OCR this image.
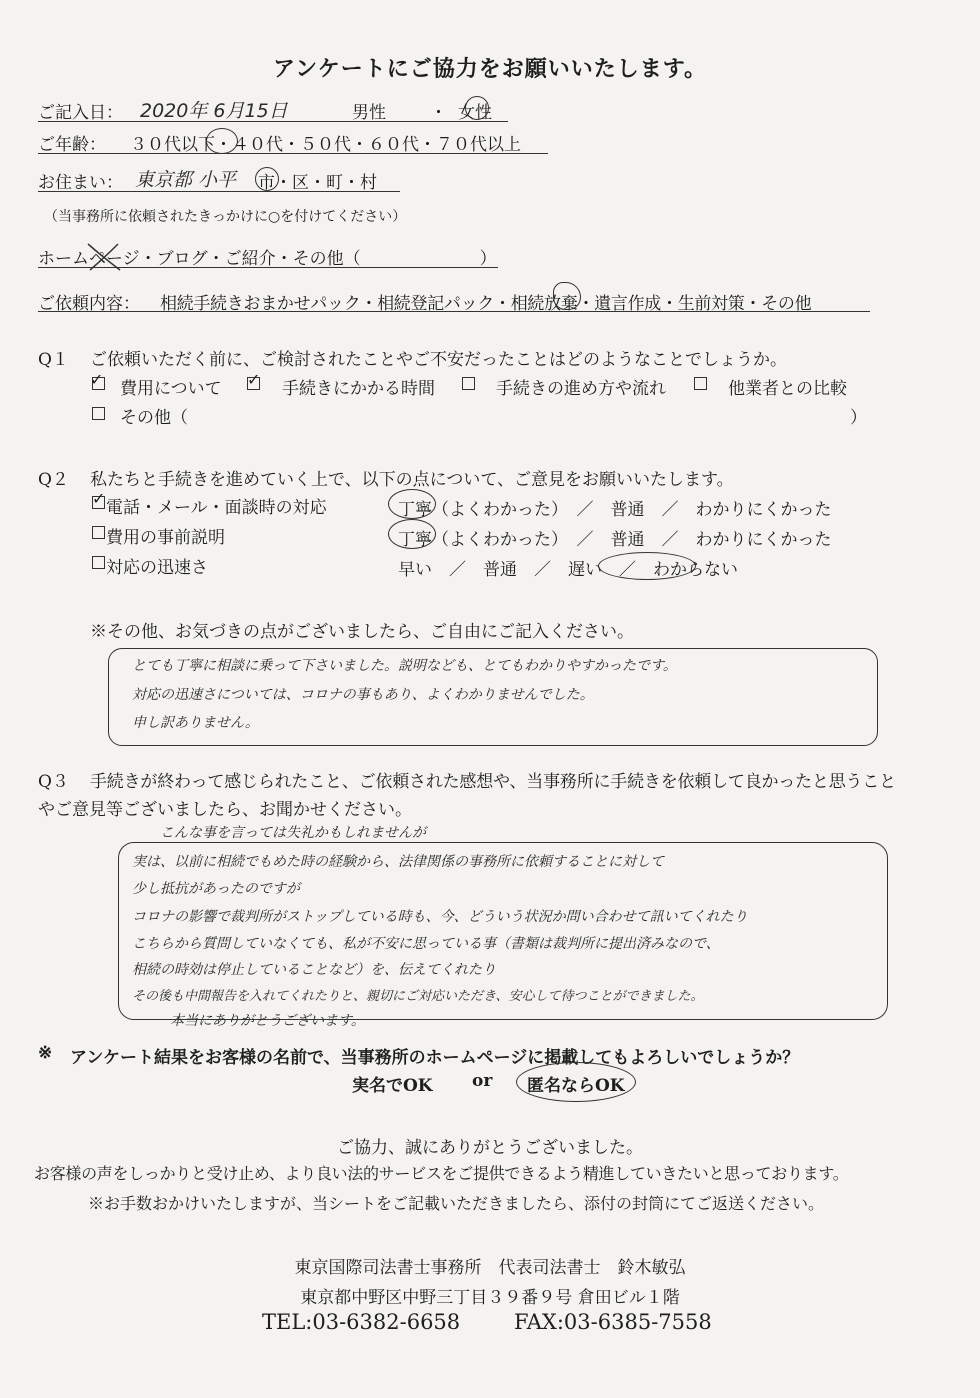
アンケートにご協力をお願いいたします。
ご記入日： 2020年 6月15日	男性	・ 女性
ご年齢： ３０代以下・４０代・５０代・６０代・７０代以上
お住まい： 東京都 小平 市・区・町・村
（当事務所に依頼されたきっかけに○を付けてください）
ホームページ・ブログ・ご紹介・その他（　　　　　　　）
ご依頼内容： 相続手続きおまかせパック・相続登記パック・相続放棄・遺言作成・生前対策・その他
Q１ ご依頼いただく前に、ご検討されたことやご不安だったことはどのようなことでしょうか。
✓ 費用について ✓ 手続きにかかる時間	手続きの進め方や流れ	他業者との比較
その他（	）
Q２ 私たちと手続きを進めていく上で、以下の点について、ご意見をお願いいたします。
✓ 電話・メール・面談時の対応	丁寧（よくわかった）　／　普通　／　わかりにくかった
費用の事前説明	丁寧（よくわかった）　／　普通　／　わかりにくかった
対応の迅速さ	早い　／　普通　／　遅い　／　わからない
※その他、お気づきの点がございましたら、ご自由にご記入ください。
とても丁寧に相談に乗って下さいました。説明なども、とてもわかりやすかったです。
対応の迅速さについては、コロナの事もあり、よくわかりませんでした。
申し訳ありません。
Q３ 手続きが終わって感じられたこと、ご依頼された感想や、当事務所に手続きを依頼して良かったと思うこと
やご意見等ございましたら、お聞かせください。
こんな事を言っては失礼かもしれませんが
実は、以前に相続でもめた時の経験から、法律関係の事務所に依頼することに対して
少し抵抗があったのですが
コロナの影響で裁判所がストップしている時も、今、どういう状況か問い合わせて訊いてくれたり
こちらから質問していなくても、私が不安に思っている事（書類は裁判所に提出済みなので、
相続の時効は停止していることなど）を、伝えてくれたり
その後も中間報告を入れてくれたりと、親切にご対応いただき、安心して待つことができました。
本当にありがとうございます。
※ アンケート結果をお客様の名前で、当事務所のホームページに掲載してもよろしいでしょうか？
実名でOK or 匿名ならOK
ご協力、誠にありがとうございました。
お客様の声をしっかりと受け止め、より良い法的サービスをご提供できるよう精進していきたいと思っております。
※お手数おかけいたしますが、当シートをご記載いただきましたら、添付の封筒にてご返送ください。
東京国際司法書士事務所　代表司法書士　鈴木敏弘
東京都中野区中野三丁目３９番９号 倉田ビル１階
TEL:03-6382-6658	FAX:03-6385-7558
